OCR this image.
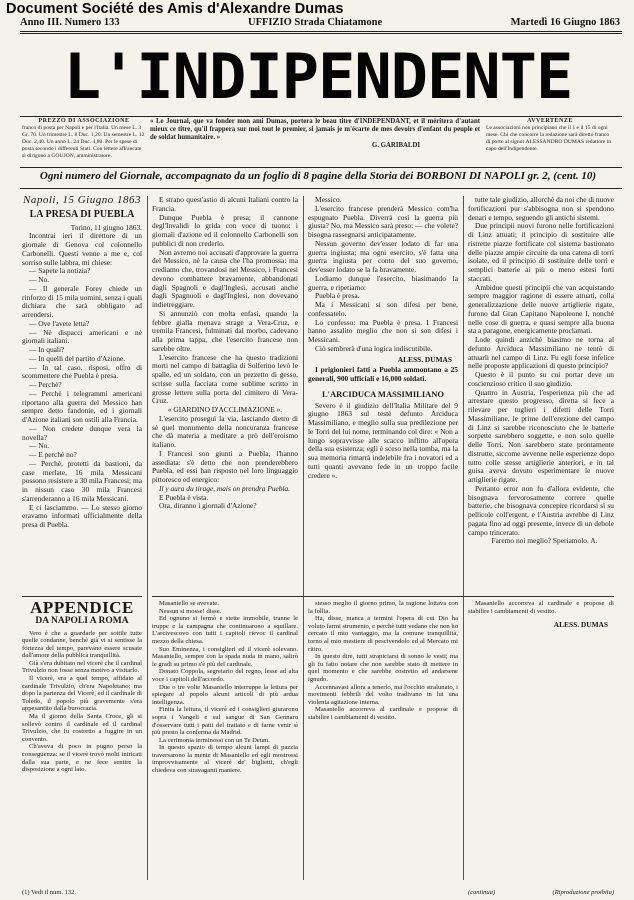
Document Société des Amis d'Alexandre Dumas
Anno III. Numero 133	UFFIZIO Strada Chiatamone	Martedì 16 Giugno 1863
L'INDIPENDENTE
PREZZO DI ASSOCIAZIONE
franco di posta per Napoli e per l'Italia. Un mese L. 3 Gr. 70. Un trimestre L. 8 Duc. 1,20. Un semestre L. 12 Duc. 2,40. Un anno L. 24 Duc. 4,80. Per le spese di posta secondo i differenti Stati. Con lettere affrancate si dirigono a GOUJON, amministratore.
« Le Journal, que va fonder mon ami Dumas, portera le beau titre d'INDÉPENDANT, et il méritera d'autant mieux ce titre, qu'il frappera sur moi tout le premier, si jamais je m'écarte de mes devoirs d'enfant du peuple et de soldat humanitaire. »
G. GARIBALDI
AVVERTENZE
Le associazioni non principiano che il 1 e il 15 di ogni mese. Chi che concorre la redazione sarà diretto franco di porto al signor ALESSANDRO DUMAS redattore in capo dell'Indipendente.
Ogni numero del Giornale, accompagnato da un foglio di 8 pagine della Storia dei BORBONI DI NAPOLI gr. 2, (cent. 10)
Napoli, 15 Giugno 1863
LA PRESA DI PUEBLA

Torino, 11 giugno 1863.

Incontrai ieri il direttore di un giornale di Genova col colonnello Carbonelli. Questi venne a me e, col sorriso sulle labbra, mi chiese:

— Sapete la notizia?

— No.

— Il generale Forey chiede un rinforzo di 15 mila uomini, senza i quali dichiara che sarà obbligato ad arrendersi.

— Ove l'avete letta?

— Nè dispacci americani e nè giornali italiani.

— In quali?

— In quelli del partito d'Azione.

— In tal caso, risposi, offro di scommettere che Puebla è presa.

— Perchè?

— Perchè i telegrammi americani riportano alla guerra del Messico han sempre detto fandonie, ed i giornali d'Azione italiani son ostili alla Francia.

— Non credete dunque vera la novella?

— No.

— E perchè no?

— Perchè, protetti da bastioni, da case merlate, 16 mila Messicani possono resistere a 30 mila Francesi; ma in nissun caso 30 mila Francesi s'arrenderanno a 16 mila Messicani.

E ci lasciammo. — Lo stesso giorno eravamo informati ufficialmente della presa di Puebla.

E strano quest'astio di alcuni Italiani contro la Francia.

Dunque Puebla è presa; il cannone degl'Invalidi lo grida con voce di tuono: i giornali d'azione ed il colonnello Carbonelli son pubblici di non crederlo.

Non avremo noi accusati d'approvare la guerra del Messico, nè la causa che l'ha promossa: ma crediamo che, trovandosi nel Messico, i Francesi devono combattere bravamente, abbandonati dagli Spagnoli e dagl'Inglesi, accusati anche dagli Spagnuoli e dagl'Inglesi, non dovevano indietreggiare.

Si annunziò con molta enfasi, quando la febbre gialla menava strage a Vera-Cruz, e tremila Francesi, fulminati dal morbo, cadevano alla prima tappa, che l'esercito francese non sarebbe oltre.

L'esercito francese che ha questo tradizioni morti nel campo di battaglia di Solferino levò le spalle, ed un soldato, con un pezzetto di gesso, scrisse sulla facciata come sublime scritto in grosse lettere sulla porta del cimitero di Vera-Cruz.

« GIARDINO D'ACCLIMAZIONE ».

L'esercito proseguì la via, lasciando dietro di sè quel monumento della noncuranza francese che dà materia a meditare a prò dell'eroismo italiano.

I Francesi son giunti a Puebla, l'hanno assediata: s'è detto che non prenderebbero Puebla, ed essi han risposto nel loro linguaggio pittoresco ed energico:

Il y aura du tirage, mais on prendra Puebla.

E Puebla è vista.

Ora, diranno i giornali d'Azione?

Messico.

L'esercito francese prenderà Messico com'ha espugnato Puebla. Diverrà così la guerra più giusta? No, ma Messico sarà preso: — che volete? bisogna rassegnarsi anticipatamente.

Nessun governo dev'esser lodato di far una guerra ingiusta; ma ogni esercito, s'è fatta una guerra ingiusta per conto del suo governo, dev'esser lodato se la fa bravamente.

Lodiamo dunque l'esercito, biasimando la guerra, e ripetiamo:

Puebla è presa.

Ma i Messicani si son difesi per bene, confessatelo.

Lo confesso: ma Puebla è presa. I Francesi hanno assalito meglio che non si son difesi i Messicani.

Ciò sembrerà d'una logica indiscutibile.

ALESS. DUMAS

I prigionieri fatti a Puebla ammontano a 25 generali, 900 ufficiali e 16,000 soldati.

L'ARCIDUCA MASSIMILIANO

Severo è il giudizio dell'Italia Militare del 9 giugno 1863 sul testè defunto Arciduca Massimiliano, e meglio sulla sua predilezione per le Torri del lui nome, terminando col dire: « Non a lungo sopravvisse alle scacco inflitto all'opera della sua esistenza; egli è sceso nella tomba, ma la sua memoria rimarrà indelebile fra i novatori ed a tutti quanti avevano fede in un troppo facile credere ».

tutte tale giudizio, allorchè da noi che di nuove fortificazioni pur s'abbisogna non si spendono denari e tempo, seguendo gli antichi sistemi.

Due principii nuovi furono nelle fortificazioni di Linz attuati; il principio di sostituire alle ristrette piazze fortificate col sistema bastionato delle piazze ampie circuite da una catena di torri isolate, ed il principio di sostituire delle torri e semplici batterie ai più o meno estesi forti staccati.

Ambidue questi principii che van acquistando sempre maggior ragione di essere attuati, colla generalizzazione delle nuove artiglierie rigate, furono dal Gran Capitano Napoleone I, nonchè nelle cose di guerra, e quasi sempre alla buona sta a paragone, energicamente proclamati.

Lode quindi anzichè biasimo ne torna al defunto Arciduca Massimiliano ne tentò di attuarli nel campo di Linz. Fu egli forse infelice nelle proposte applicazioni di questo principio?

Questo è il punto su cui portar deve un coscienzioso critico il suo giudizio.

Quattro in Austria, l'esperienza più che ad arrestare questo progresso, diretta si fece a rilevare per tuglieri i difetti delle Torri Massimiliane, le prime dell'erezione del campo di Linz si sarebbe riconosciuto che le batterie sorpette sarebbero soggette, e non solo quelle delle Torri. Non sarebbero state prontamente distrutte, siccome avvenne nelle esperienze dopo tutto colle stesse artiglierie anteriori, e in tal guisa aveva dovuto esperimentare le nuove artiglierie rigate.

Pertanto error non fu d'allora evidente, che bisognava fervorosamente correre quelle batterie, che bisognava concepire ricordarsi sì su pellicole coll'ergent, e l'Austria avrebbe di Linz pagata fino ad oggi presente, invece di un debole campo trincerato.

Faremo noi meglio? Speriamolo. A.

APPENDICE
DA NAPOLI A ROMA

Vero è che a guardarle per sottile tutte quelle condanne, benchè già vi si sentisse la fortezza del tempo, parevano essere scusate dall'amore della pubblica tranquillità.

Già s'era dubitato nel vicerè che il cardinal Trivulzio non fosse senza motivo a visitarlo.

Il vicerè, era a quel tempo, affidato al cardinale Trivulzio, ch'era Napoletano; ma dopo la partenza del Vicerè, ed il cardinale di Toledo, il popolo più gravemente s'era appesantito dalla burocrazia.

Ma il giorno della Santa Croce, gli si sollevò contro il cardinale ed il cardinal Trivulzio, che fu costretto a fuggire in un convento.

Ch'aveva di poco in pugno perso la conseguenza: se il vicerè trovò molti intricati dalla sua parte, e ne fece sentire la disposizione a ogni lato.

(1) Vedi il num. 132.

Masaniello se avevate.

Nessun si mosse! disse.

Ed ognuno si fermò e stette immobile, tranne le truppe e la campagna che continuarono a squillare. L'arcivescovo con tutti i capitoli rievoc il cardinal mezzo della chiesa.

Suo Eminenza, i consiglieri ed il vicerè solevano. Masaniello, sempre con la spada nuda in mano, salirò le gradi su primo s'è più del cardinale.

Donato Coppola, segretario del regno, lesse ad alta voce i capitoli dell'accordo.

Due o tre volte Masaniello interruppe la lettura per spiegare al popolo alcuni articoli di più ardua intelligenza.

Finita la lettura, il vicerè ed i consiglieri giurarono sopra i Vangeli e sul sangue di San Gennaro d'osservare tutti i patti del trattato e di farne venir sì più presto la conferma da Madrid.

La cerimonia terminossi con un Te Deum.

In questo spazio di tempo alcuni lampi di pazzia traversarono la mente di Masaniello ed egli mostrossi improvvisamente al vicerè de' biglietti, ch'egli chiedeva con stravaganti maniere.

stesso meglio il giorno primo, la ragione lottava con la follia.

Ha, disse, manca a termini l'opera di cui Dio ha voluto farmi strumento, e perchè tutti vedano che non ho cercato il mio vantaggio, ma la comune tranquillità, torno al mio mestiere di pescivendolo ed al Mercato mi ritiro.

In questo dire, tutti strapiciarsi di sonno le vesti; ma gli fu fatto notare che non sarebbe stato di mettere in quel momento e che sarebbe costretto ad andarsene ignudo.

Accennavasi allora a tenerlo, ma l'occhio stralunato, i movimenti febbrili del volto tradivano in lui una violenta agitazione interna.

Masaniello accorreva al cardinale e propose di stabilire i cambiamenti di vestito.

Masaniello accorreva al cardinale e propose di stabilire i cambiamenti di vestito.

ALESS. DUMAS
(continua)	(Riproduzione proibita)
